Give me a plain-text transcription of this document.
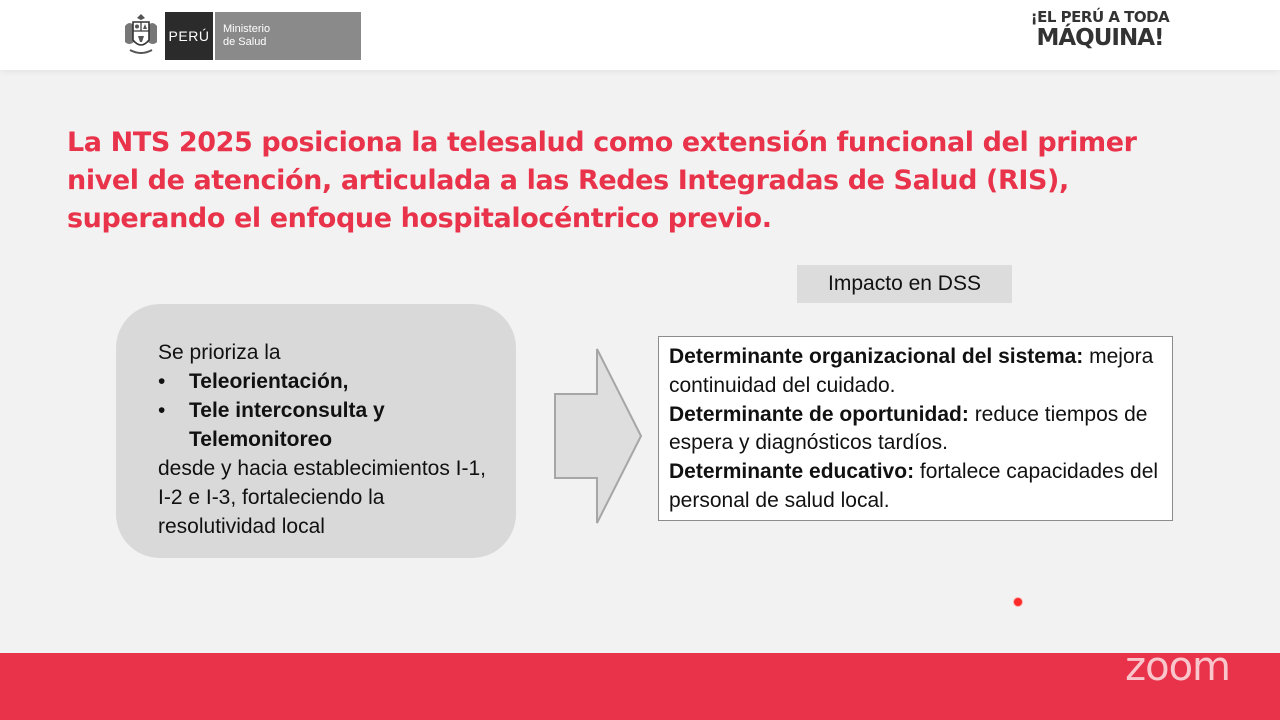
PERÚ	Ministerio
de Salud
¡EL PERÚ A TODA
MÁQUINA!
La NTS 2025 posiciona la telesalud como extensión funcional del primer nivel de atención, articulada a las Redes Integradas de Salud (RIS), superando el enfoque hospitalocéntrico previo.
Impacto en DSS

Se prioriza la

• Teleorientación,
• Tele interconsulta y Telemonitoreo

desde y hacia establecimientos I-1, I-2 e I-3, fortaleciendo la resolutividad local

Determinante organizacional del sistema: mejora continuidad del cuidado.

Determinante de oportunidad: reduce tiempos de espera y diagnósticos tardíos.

Determinante educativo: fortalece capacidades del personal de salud local.

zoom
